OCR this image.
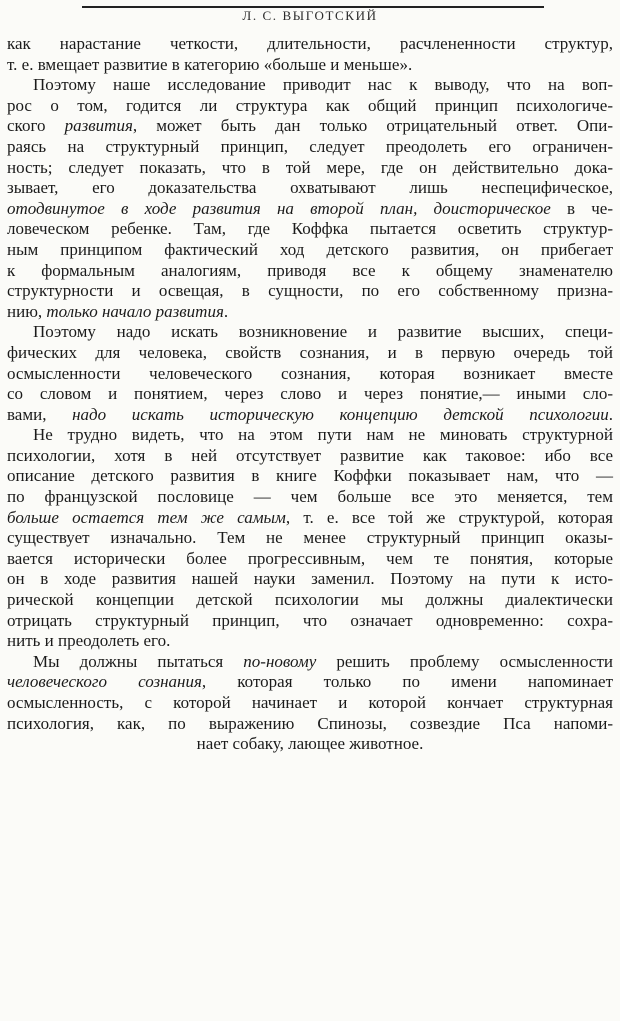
Л. С. ВЫГОТСКИЙ
как нарастание четкости, длительности, расчлененности структур,
т. е. вмещает развитие в категорию «больше и меньше».
Поэтому наше исследование приводит нас к выводу, что на воп-
рос о том, годится ли структура как общий принцип психологиче-
ского развития, может быть дан только отрицательный ответ. Опи-
раясь на структурный принцип, следует преодолеть его ограничен-
ность; следует показать, что в той мере, где он действительно дока-
зывает, его доказательства охватывают лишь неспецифическое,
отодвинутое в ходе развития на второй план, доисторическое в че-
ловеческом ребенке. Там, где Коффка пытается осветить структур-
ным принципом фактический ход детского развития, он прибегает
к формальным аналогиям, приводя все к общему знаменателю
структурности и освещая, в сущности, по его собственному призна-
нию, только начало развития.
Поэтому надо искать возникновение и развитие высших, специ-
фических для человека, свойств сознания, и в первую очередь той
осмысленности человеческого сознания, которая возникает вместе
со словом и понятием, через слово и через понятие,— иными сло-
вами, надо искать историческую концепцию детской психологии.
Не трудно видеть, что на этом пути нам не миновать структурной
психологии, хотя в ней отсутствует развитие как таковое: ибо все
описание детского развития в книге Коффки показывает нам, что —
по французской пословице — чем больше все это меняется, тем
больше остается тем же самым, т. е. все той же структурой, которая
существует изначально. Тем не менее структурный принцип оказы-
вается исторически более прогрессивным, чем те понятия, которые
он в ходе развития нашей науки заменил. Поэтому на пути к исто-
рической концепции детской психологии мы должны диалектически
отрицать структурный принцип, что означает одновременно: сохра-
нить и преодолеть его.
Мы должны пытаться по-новому решить проблему осмысленности
человеческого сознания, которая только по имени напоминает
осмысленность, с которой начинает и которой кончает структурная
психология, как, по выражению Спинозы, созвездие Пса напоми-
нает собаку, лающее животное.
